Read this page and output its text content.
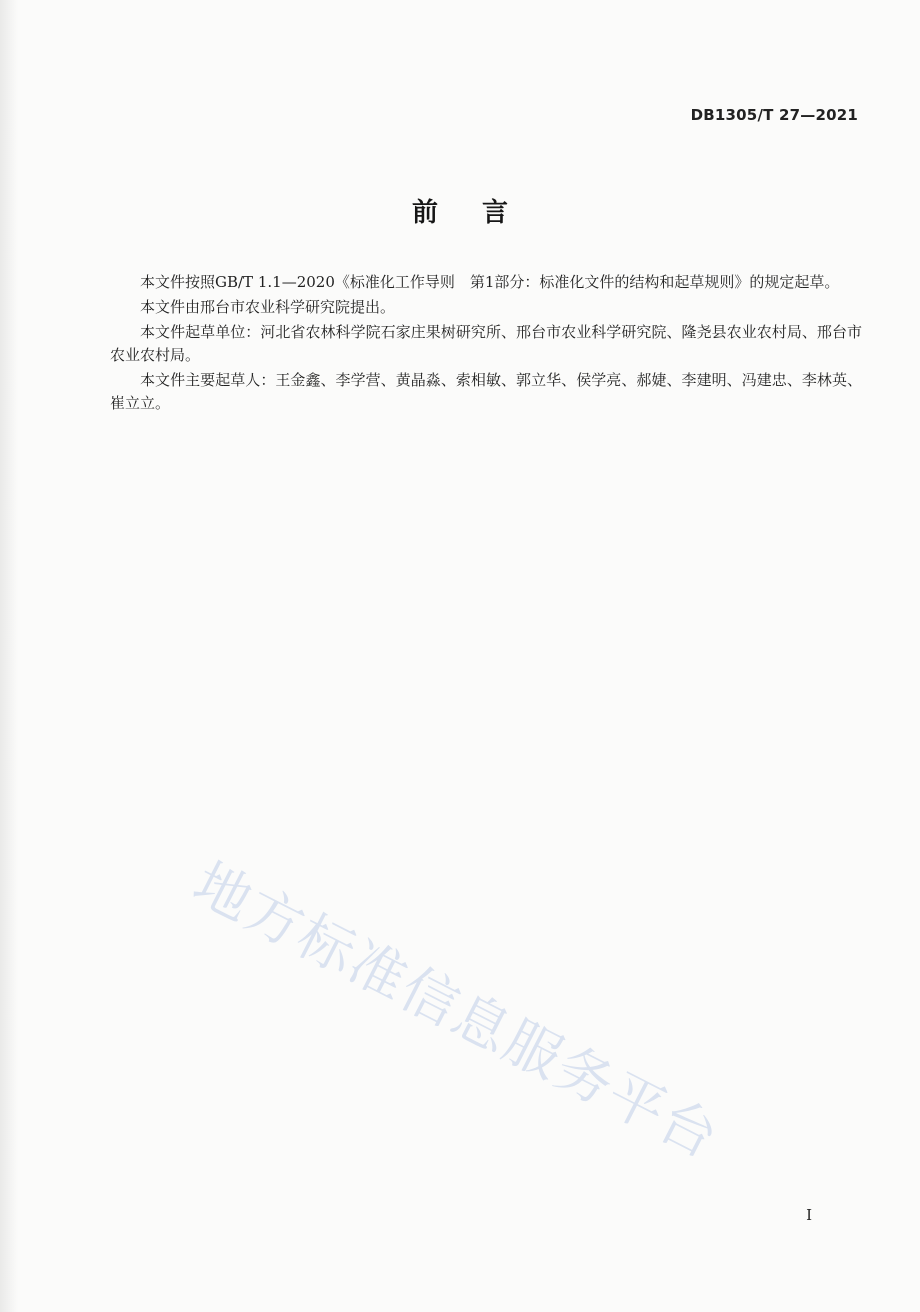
DB1305/T 27—2021
前言

本文件按照GB/T 1.1—2020《标准化工作导则　第1部分：标准化文件的结构和起草规则》的规定起草。

本文件由邢台市农业科学研究院提出。

本文件起草单位：河北省农林科学院石家庄果树研究所、邢台市农业科学研究院、隆尧县农业农村局、邢台市农业农村局。

本文件主要起草人：王金鑫、李学营、黄晶淼、索相敏、郭立华、侯学亮、郝婕、李建明、冯建忠、李林英、崔立立。

地方标准信息服务平台
I
